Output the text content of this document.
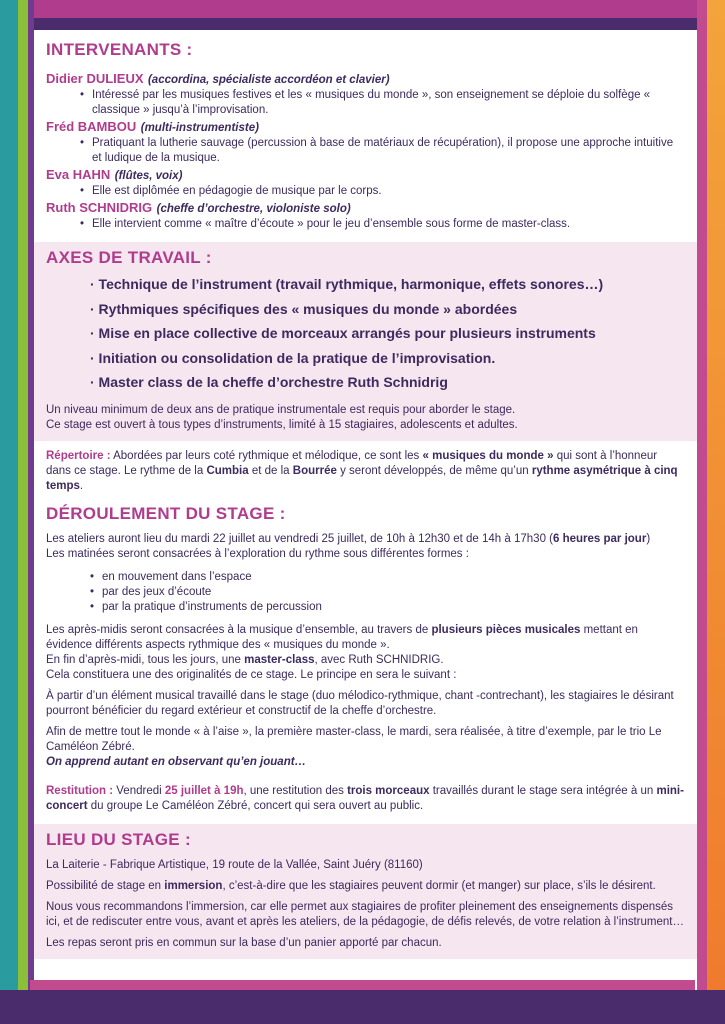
INTERVENANTS :
Didier DULIEUX (accordina, spécialiste accordéon et clavier)
• Intéressé par les musiques festives et les « musiques du monde », son enseignement se déploie du solfège « classique » jusqu’à l’improvisation.
Fréd BAMBOU (multi-instrumentiste)
• Pratiquant la lutherie sauvage (percussion à base de matériaux de récupération), il propose une approche intuitive et ludique de la musique.
Eva HAHN (flûtes, voix)
• Elle est diplômée en pédagogie de musique par le corps.
Ruth SCHNIDRIG (cheffe d’orchestre, violoniste solo)
• Elle intervient comme « maître d’écoute » pour le jeu d’ensemble sous forme de master-class.
AXES DE TRAVAIL :
· Technique de l’instrument (travail rythmique, harmonique, effets sonores…)
· Rythmiques spécifiques des « musiques du monde » abordées
· Mise en place collective de morceaux arrangés pour plusieurs instruments
· Initiation ou consolidation de la pratique de l’improvisation.
· Master class de la cheffe d’orchestre Ruth Schnidrig
Un niveau minimum de deux ans de pratique instrumentale est requis pour aborder le stage.
Ce stage est ouvert à tous types d’instruments, limité à 15 stagiaires, adolescents et adultes.
Répertoire : Abordées par leurs coté rythmique et mélodique, ce sont les « musiques du monde » qui sont à l’honneur dans ce stage. Le rythme de la Cumbia et de la Bourrée y seront développés, de même qu’un rythme asymétrique à cinq temps.
DÉROULEMENT DU STAGE :
Les ateliers auront lieu du mardi 22 juillet au vendredi 25 juillet, de 10h à 12h30 et de 14h à 17h30 (6 heures par jour)
Les matinées seront consacrées à l’exploration du rythme sous différentes formes :
• en mouvement dans l’espace
• par des jeux d’écoute
• par la pratique d’instruments de percussion
Les après-midis seront consacrées à la musique d’ensemble, au travers de plusieurs pièces musicales mettant en évidence différents aspects rythmique des « musiques du monde ».
En fin d’après-midi, tous les jours, une master-class, avec Ruth SCHNIDRIG.
Cela constituera une des originalités de ce stage. Le principe en sera le suivant :
À partir d’un élément musical travaillé dans le stage (duo mélodico-rythmique, chant -contrechant), les stagiaires le désirant pourront bénéficier du regard extérieur et constructif de la cheffe d’orchestre.
Afin de mettre tout le monde « à l’aise », la première master-class, le mardi, sera réalisée, à titre d’exemple, par le trio Le Caméléon Zébré.
On apprend autant en observant qu’en jouant…
Restitution : Vendredi 25 juillet à 19h, une restitution des trois morceaux travaillés durant le stage sera intégrée à un mini-concert du groupe Le Caméléon Zébré, concert qui sera ouvert au public.
LIEU DU STAGE :
La Laiterie - Fabrique Artistique, 19 route de la Vallée, Saint Juéry (81160)
Possibilité de stage en immersion, c’est-à-dire que les stagiaires peuvent dormir (et manger) sur place, s’ils le désirent.
Nous vous recommandons l’immersion, car elle permet aux stagiaires de profiter pleinement des enseignements dispensés ici, et de rediscuter entre vous, avant et après les ateliers, de la pédagogie, de défis relevés, de votre relation à l’instrument…
Les repas seront pris en commun sur la base d’un panier apporté par chacun.
